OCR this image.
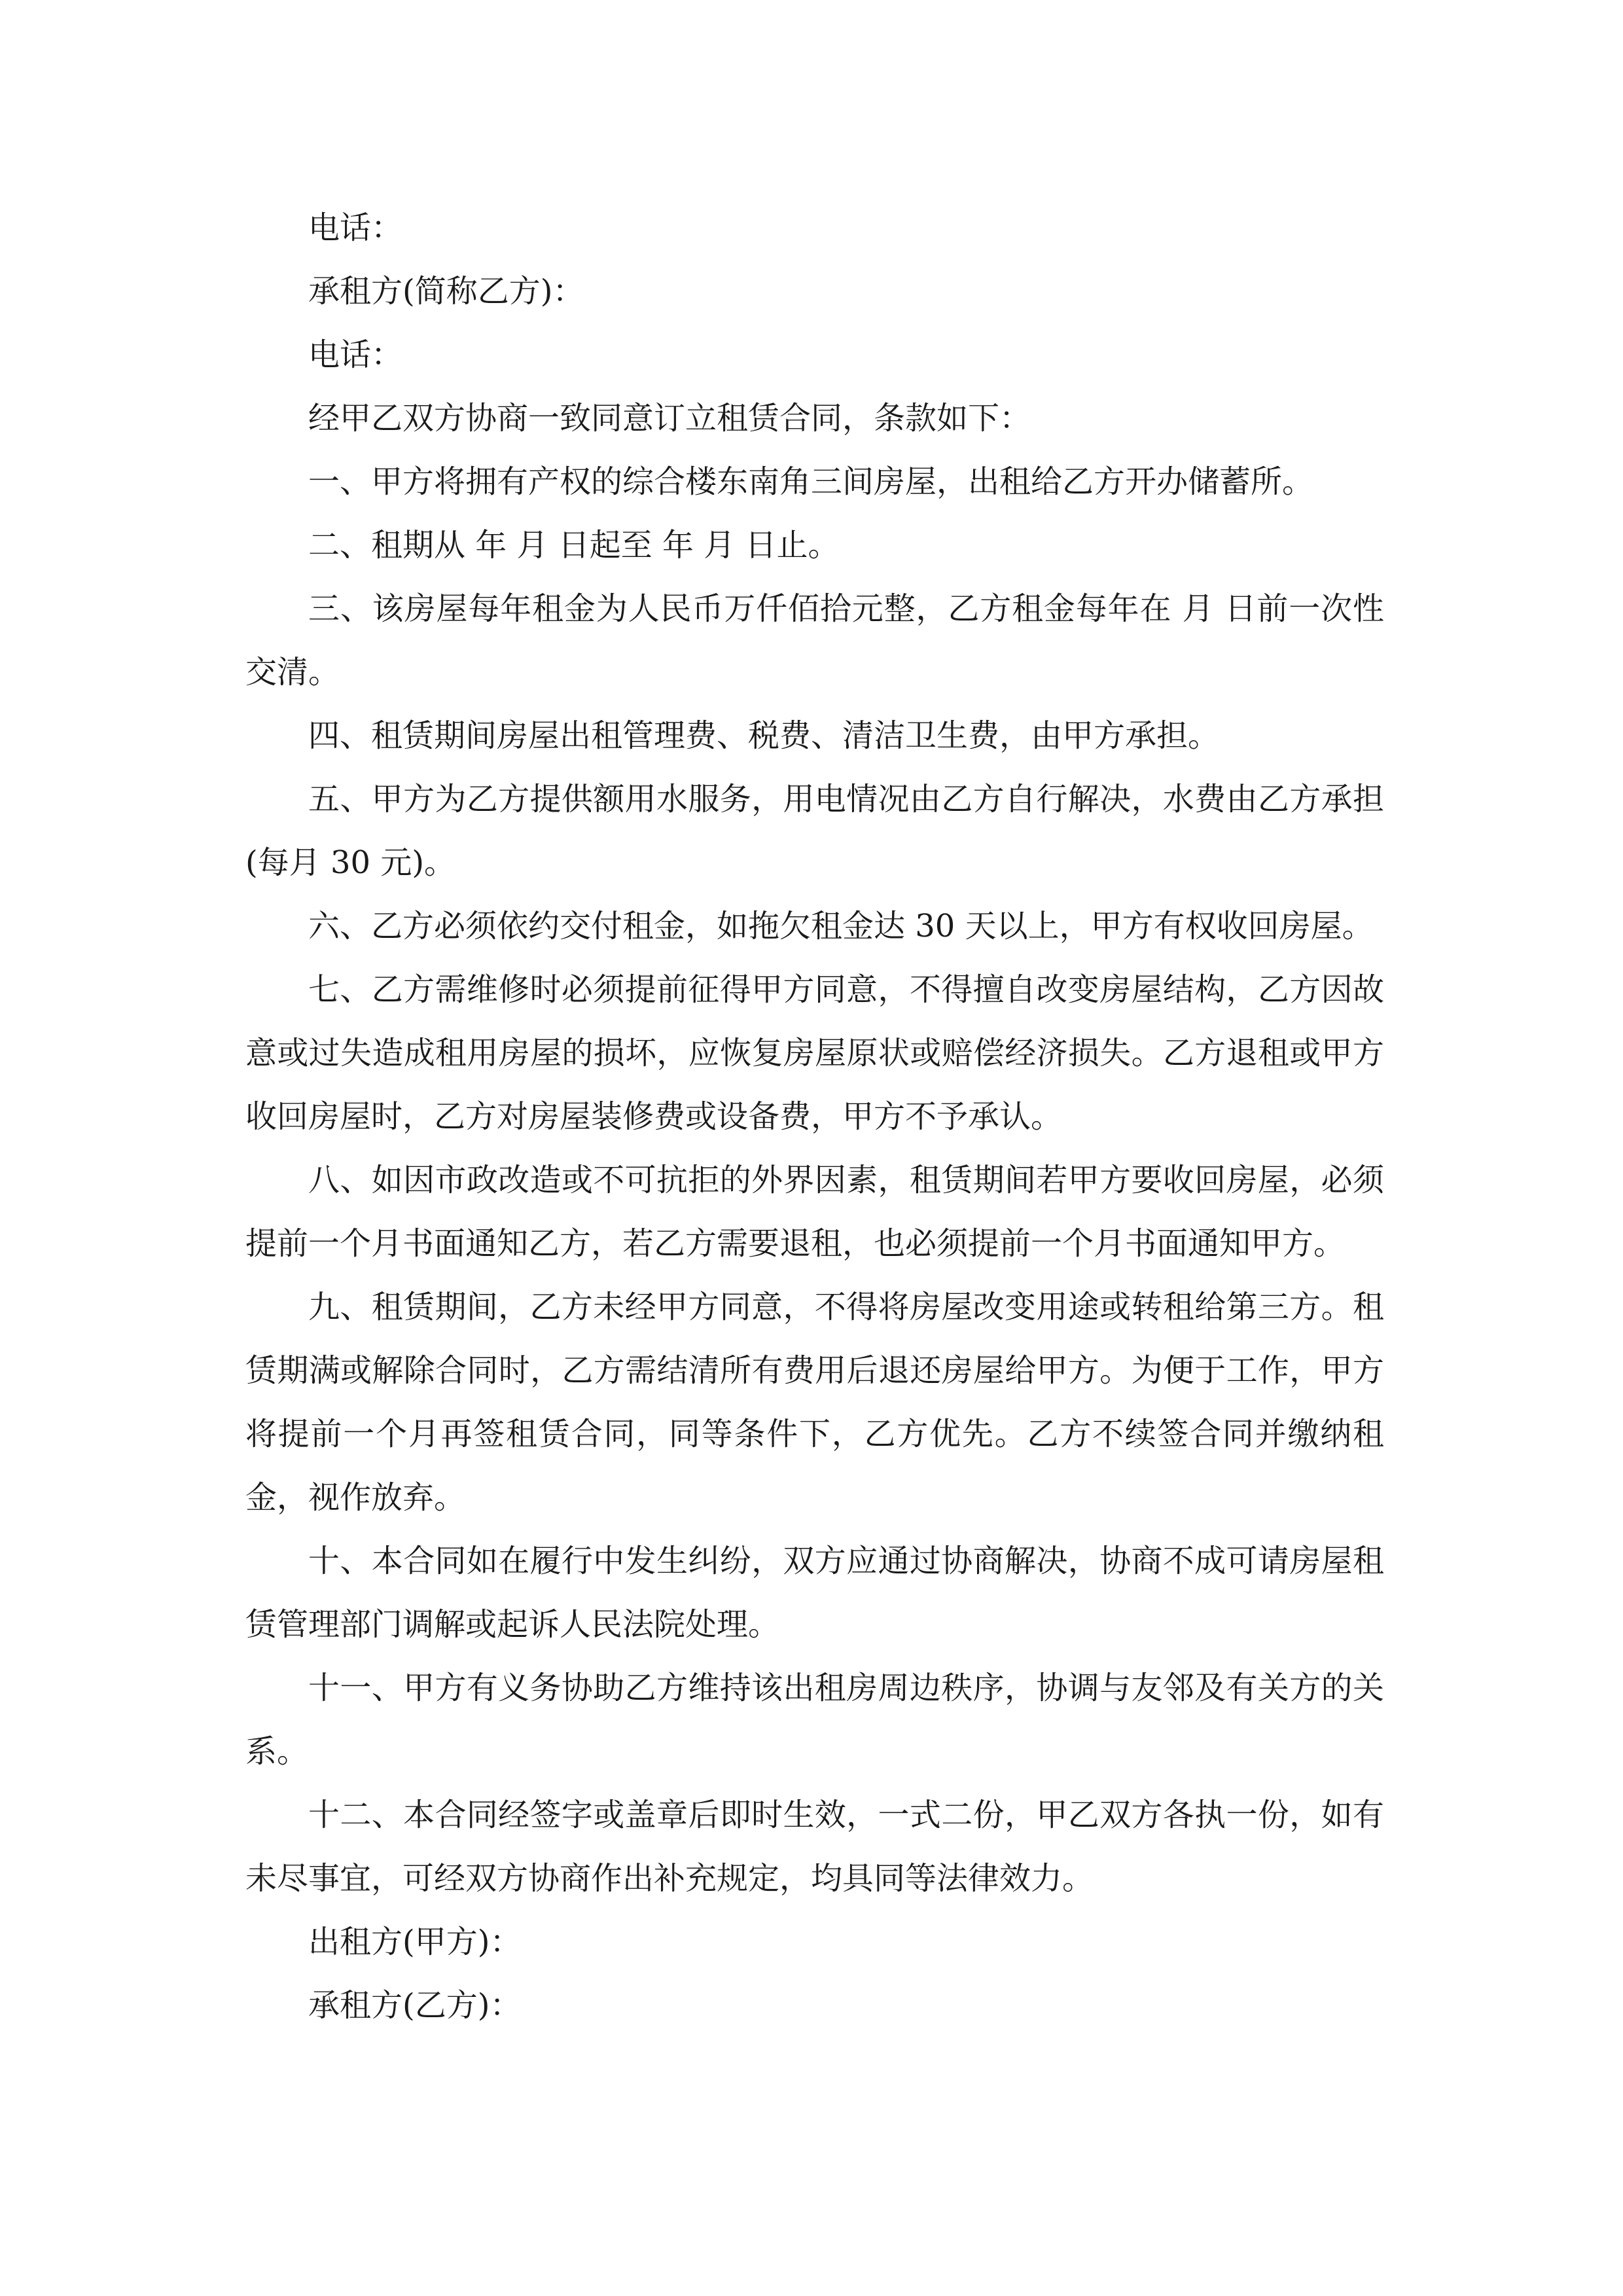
电话：

承租方(简称乙方)：

电话：

经甲乙双方协商一致同意订立租赁合同，条款如下：

一、甲方将拥有产权的综合楼东南角三间房屋，出租给乙方开办储蓄所。

二、租期从 年 月 日起至 年 月 日止。

三、该房屋每年租金为人民币万仟佰拾元整，乙方租金每年在 月 日前一次性交清。

四、租赁期间房屋出租管理费、税费、清洁卫生费，由甲方承担。

五、甲方为乙方提供额用水服务，用电情况由乙方自行解决，水费由乙方承担(每月 30 元)。

六、乙方必须依约交付租金，如拖欠租金达 30 天以上，甲方有权收回房屋。

七、乙方需维修时必须提前征得甲方同意，不得擅自改变房屋结构，乙方因故意或过失造成租用房屋的损坏，应恢复房屋原状或赔偿经济损失。乙方退租或甲方收回房屋时，乙方对房屋装修费或设备费，甲方不予承认。

八、如因市政改造或不可抗拒的外界因素，租赁期间若甲方要收回房屋，必须提前一个月书面通知乙方，若乙方需要退租，也必须提前一个月书面通知甲方。

九、租赁期间，乙方未经甲方同意，不得将房屋改变用途或转租给第三方。租赁期满或解除合同时，乙方需结清所有费用后退还房屋给甲方。为便于工作，甲方将提前一个月再签租赁合同，同等条件下，乙方优先。乙方不续签合同并缴纳租金，视作放弃。

十、本合同如在履行中发生纠纷，双方应通过协商解决，协商不成可请房屋租赁管理部门调解或起诉人民法院处理。

十一、甲方有义务协助乙方维持该出租房周边秩序，协调与友邻及有关方的关系。

十二、本合同经签字或盖章后即时生效，一式二份，甲乙双方各执一份，如有未尽事宜，可经双方协商作出补充规定，均具同等法律效力。

出租方(甲方)：

承租方(乙方)：
